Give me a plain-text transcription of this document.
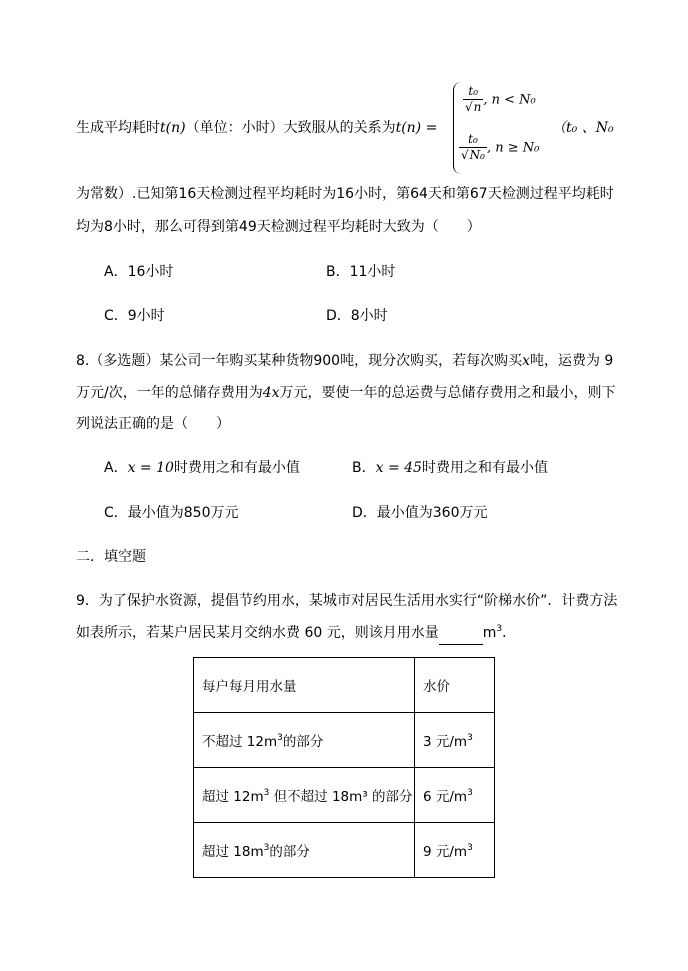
生成平均耗时t(n)（单位：小时）大致服从的关系为t(n) =
$\frac{\text{t₀}}{√n}$ , n < N₀
$\frac{\text{t₀}}{\text{√N₀}}$ , n ≥ N₀
（t₀ 、N₀
为常数）.已知第16天检测过程平均耗时为16小时，第64天和第67天检测过程平均耗时
均为8小时，那么可得到第49天检测过程平均耗时大致为（　　）
A．16小时	B．11小时
C．9小时	D．8小时
8.（多选题）某公司一年购买某种货物900吨，现分次购买，若每次购买x吨，运费为 9
万元/次，一年的总储存费用为4x万元，要使一年的总运费与总储存费用之和最小，则下
列说法正确的是（　　）
A．x = 10时费用之和有最小值	B．x = 45时费用之和有最小值
C．最小值为850万元	D．最小值为360万元
二．填空题
9．为了保护水资源，提倡节约用水，某城市对居民生活用水实行“阶梯水价”．计费方法
如表所示，若某户居民某月交纳水费 60 元，则该月用水量	$m^3$．
每户每月用水量	水价
不超过 $12m^3$的部分	3 元$/m^3$
超过 $12m^3$ 但不超过 18m³ 的部分	6 元$/m^3$
超过 $18m^3$的部分	9 元$/m^3$
